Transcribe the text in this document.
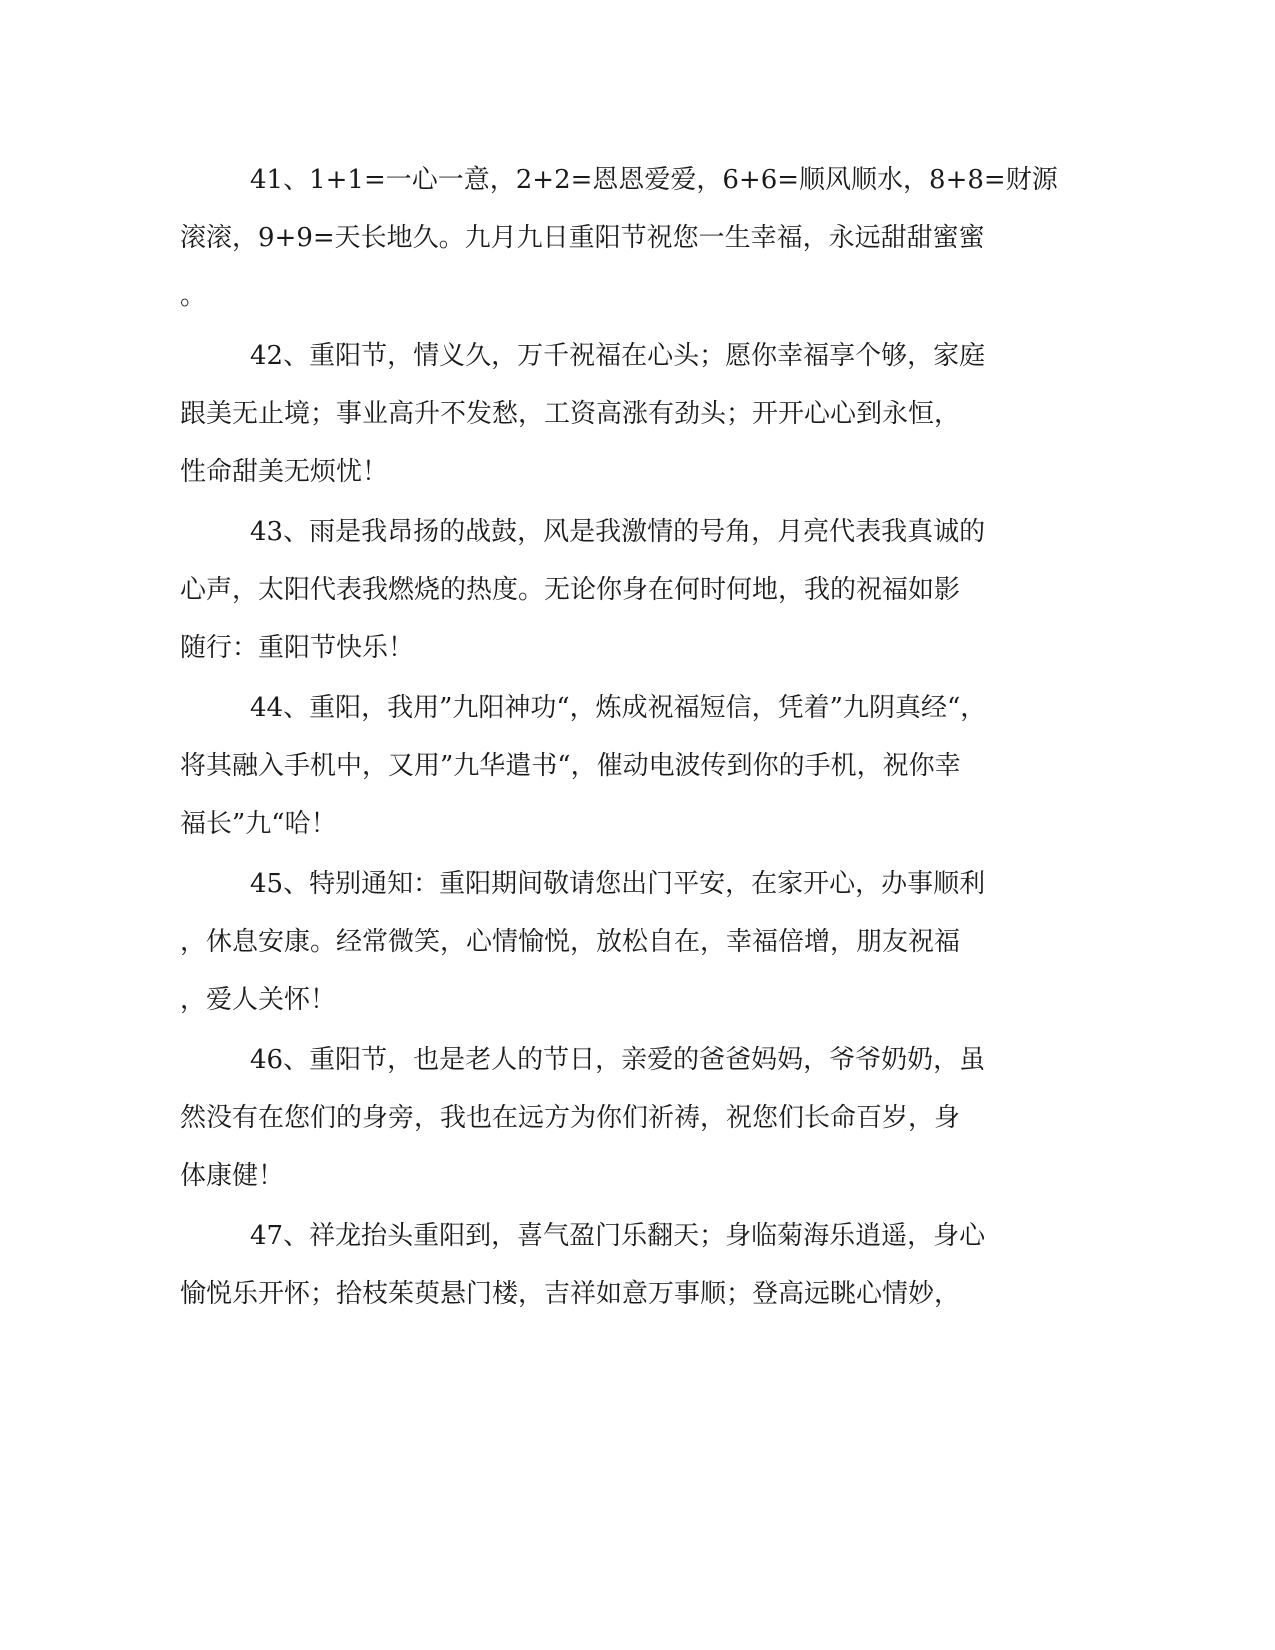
41、1+1=一心一意，2+2=恩恩爱爱，6+6=顺风顺水，8+8=财源
滚滚，9+9=天长地久。九月九日重阳节祝您一生幸福，永远甜甜蜜蜜
。
42、重阳节，情义久，万千祝福在心头；愿你幸福享个够，家庭
跟美无止境；事业高升不发愁，工资高涨有劲头；开开心心到永恒，
性命甜美无烦忧！
43、雨是我昂扬的战鼓，风是我激情的号角，月亮代表我真诚的
心声，太阳代表我燃烧的热度。无论你身在何时何地，我的祝福如影
随行：重阳节快乐！
44、重阳，我用”九阳神功“，炼成祝福短信，凭着”九阴真经“，
将其融入手机中，又用”九华遣书“，催动电波传到你的手机，祝你幸
福长”九“哈！
45、特别通知：重阳期间敬请您出门平安，在家开心，办事顺利
，休息安康。经常微笑，心情愉悦，放松自在，幸福倍增，朋友祝福
，爱人关怀！
46、重阳节，也是老人的节日，亲爱的爸爸妈妈，爷爷奶奶，虽
然没有在您们的身旁，我也在远方为你们祈祷，祝您们长命百岁，身
体康健！
47、祥龙抬头重阳到，喜气盈门乐翻天；身临菊海乐逍遥，身心
愉悦乐开怀；拾枝茱萸悬门楼，吉祥如意万事顺；登高远眺心情妙，
